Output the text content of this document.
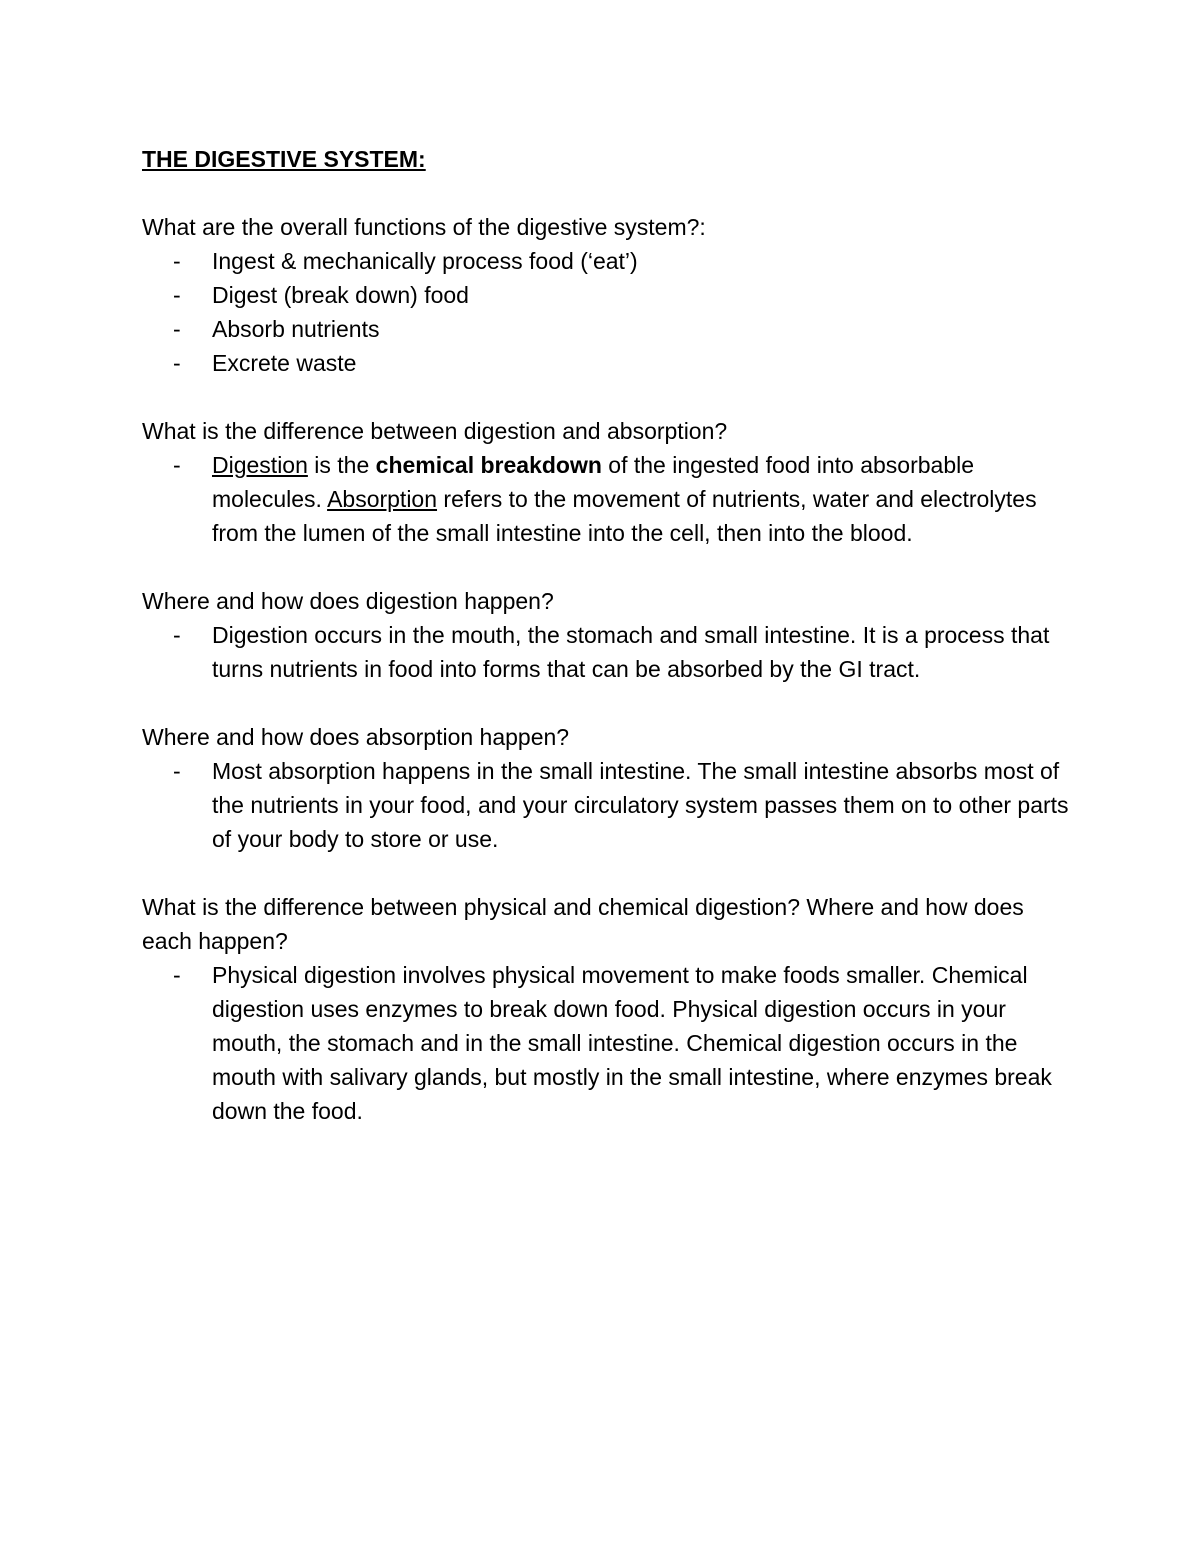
THE DIGESTIVE SYSTEM:

What are the overall functions of the digestive system?:

- Ingest & mechanically process food (‘eat’)
- Digest (break down) food
- Absorb nutrients
- Excrete waste

What is the difference between digestion and absorption?

- Digestion is the chemical breakdown of the ingested food into absorbable molecules. Absorption refers to the movement of nutrients, water and electrolytes from the lumen of the small intestine into the cell, then into the blood.

Where and how does digestion happen?

- Digestion occurs in the mouth, the stomach and small intestine. It is a process that turns nutrients in food into forms that can be absorbed by the GI tract.

Where and how does absorption happen?

- Most absorption happens in the small intestine. The small intestine absorbs most of the nutrients in your food, and your circulatory system passes them on to other parts of your body to store or use.

What is the difference between physical and chemical digestion? Where and how does each happen?

- Physical digestion involves physical movement to make foods smaller. Chemical digestion uses enzymes to break down food. Physical digestion occurs in your mouth, the stomach and in the small intestine. Chemical digestion occurs in the mouth with salivary glands, but mostly in the small intestine, where enzymes break down the food.
